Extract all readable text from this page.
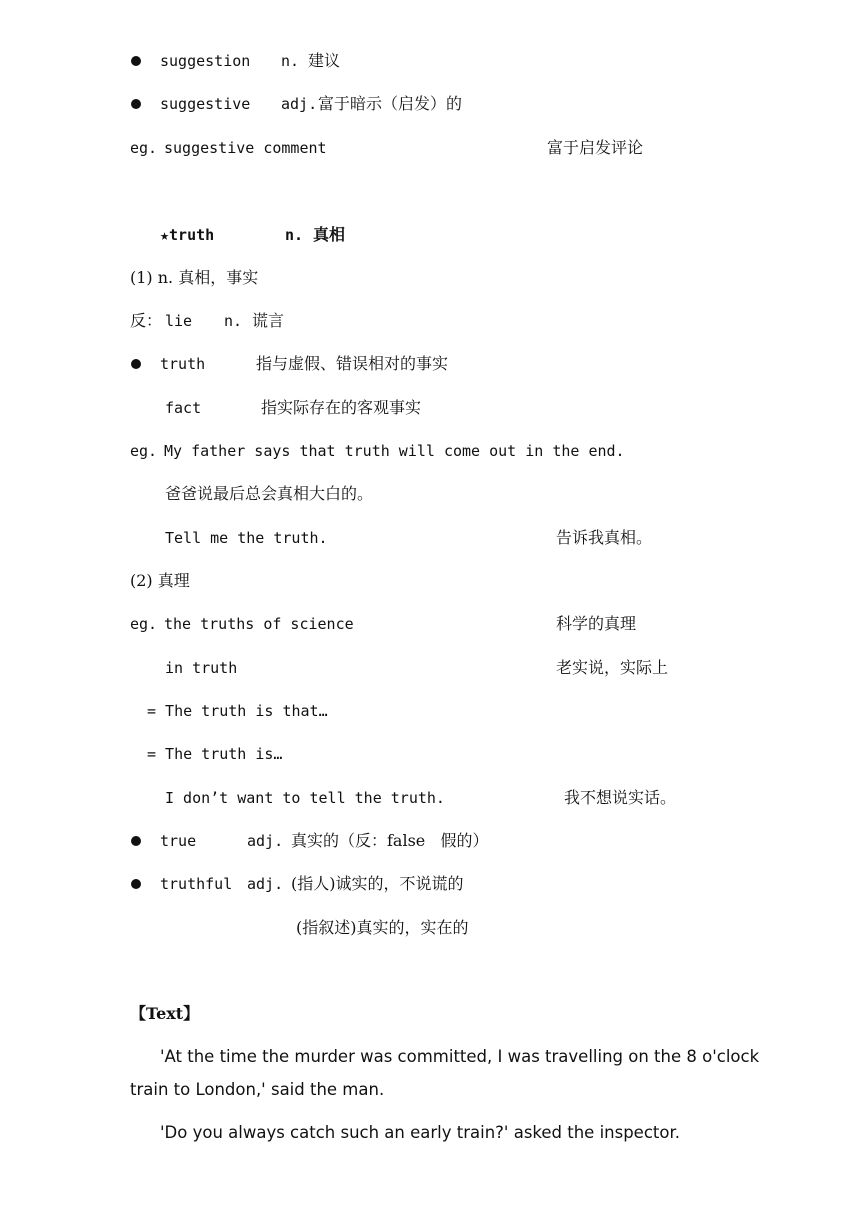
suggestion n. 建议
suggestive adj. 富于暗示（启发）的
eg. suggestive comment	富于启发评论
★truth	n. 真相
(1) n. 真相，事实
反： lie n. 谎言
truth	指与虚假、错误相对的事实
fact	指实际存在的客观事实
eg. My father says that truth will come out in the end.
爸爸说最后总会真相大白的。
Tell me the truth.	告诉我真相。
(2) 真理
eg. the truths of science	科学的真理
in truth	老实说，实际上
= The truth is that…
= The truth is…
I don’t want to tell the truth.	我不想说实话。
true	adj. 真实的（反：false   假的）
truthful adj. (指人)诚实的，不说谎的
(指叙述)真实的，实在的
【Text】
'At the time the murder was committed, I was travelling on the 8 o'clock
train to London,' said the man.
'Do you always catch such an early train?' asked the inspector.
